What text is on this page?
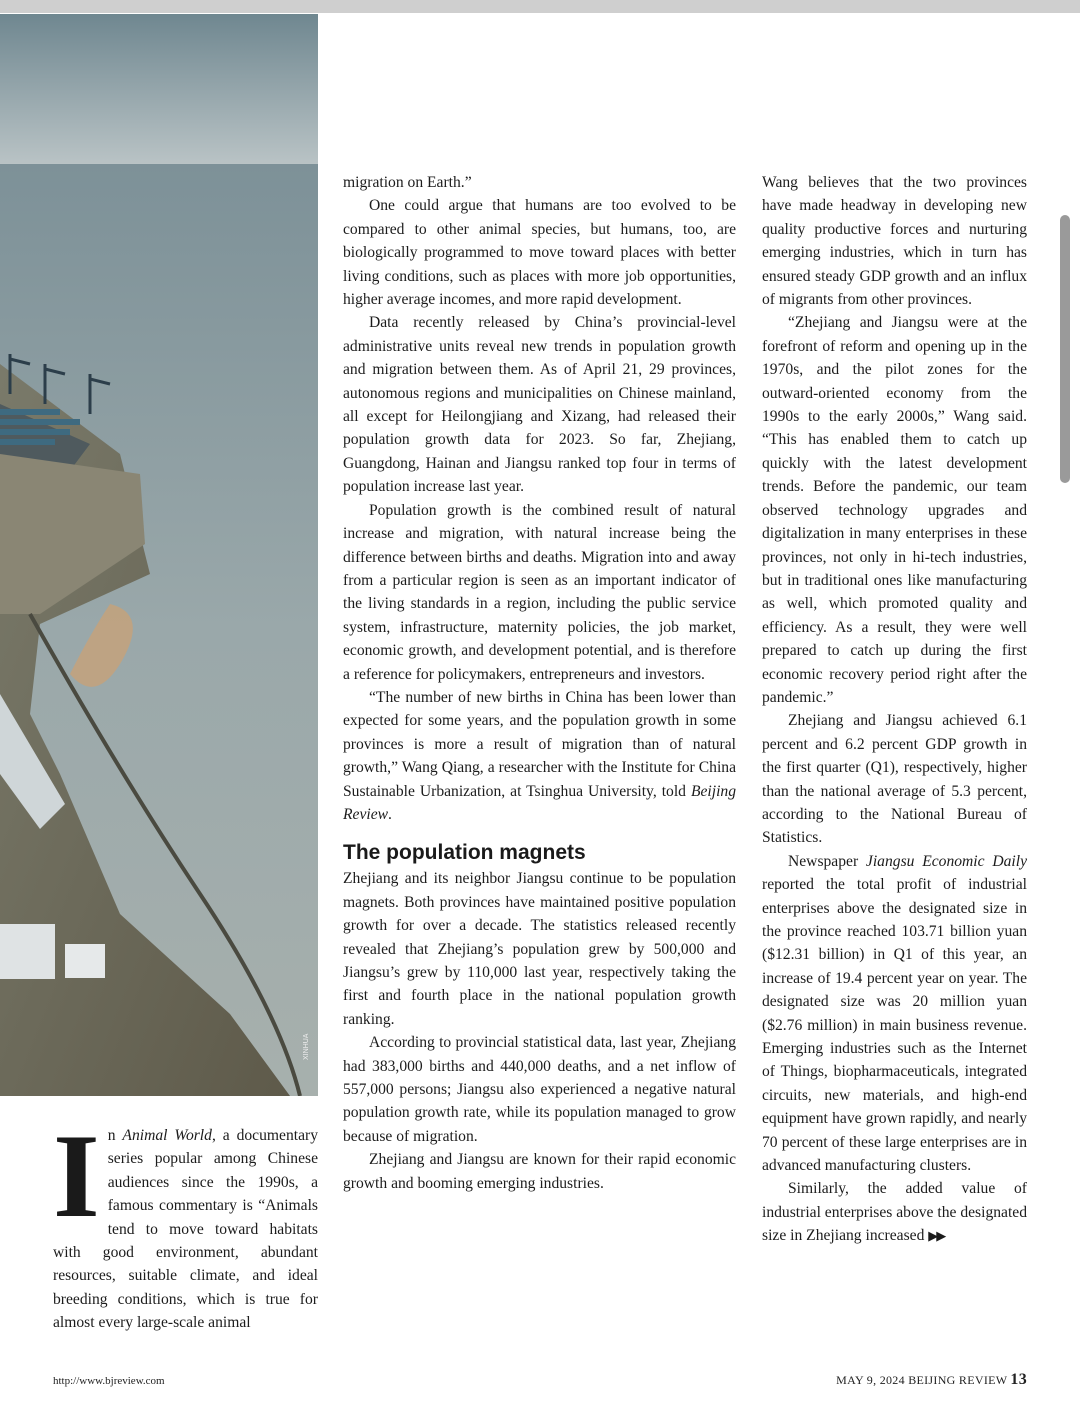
XINHUA

migration on Earth.”

One could argue that humans are too evolved to be compared to other animal species, but humans, too, are biologically programmed to move toward places with better living conditions, such as places with more job opportunities, higher average incomes, and more rapid development.

Data recently released by China’s provincial-level administrative units reveal new trends in population growth and migration between them. As of April 21, 29 provinces, autonomous regions and municipalities on Chinese mainland, all except for Heilongjiang and Xizang, had released their population growth data for 2023. So far, Zhejiang, Guangdong, Hainan and Jiangsu ranked top four in terms of population increase last year.

Population growth is the combined result of natural increase and migration, with natural increase being the difference between births and deaths. Migration into and away from a particular region is seen as an important indicator of the living standards in a region, including the public service system, infrastructure, maternity policies, the job market, economic growth, and development potential, and is therefore a reference for policymakers, entrepreneurs and investors.

“The number of new births in China has been lower than expected for some years, and the population growth in some provinces is more a result of migration than of natural growth,” Wang Qiang, a researcher with the Institute for China Sustainable Urbanization, at Tsinghua University, told Beijing Review.

The population magnets

Zhejiang and its neighbor Jiangsu continue to be population magnets. Both provinces have maintained positive population growth for over a decade. The statistics released recently revealed that Zhejiang’s population grew by 500,000 and Jiangsu’s grew by 110,000 last year, respectively taking the first and fourth place in the national population growth ranking.

According to provincial statistical data, last year, Zhejiang had 383,000 births and 440,000 deaths, and a net inflow of 557,000 persons; Jiangsu also experienced a negative natural population growth rate, while its population managed to grow because of migration.

Zhejiang and Jiangsu are known for their rapid economic growth and booming emerging industries.

Wang believes that the two provinces have made headway in developing new quality productive forces and nurturing emerging industries, which in turn has ensured steady GDP growth and an influx of migrants from other provinces.

“Zhejiang and Jiangsu were at the forefront of reform and opening up in the 1970s, and the pilot zones for the outward-oriented economy from the 1990s to the early 2000s,” Wang said. “This has enabled them to catch up quickly with the latest development trends. Before the pandemic, our team observed technology upgrades and digitalization in many enterprises in these provinces, not only in hi-tech industries, but in traditional ones like manufacturing as well, which promoted quality and efficiency. As a result, they were well prepared to catch up during the first economic recovery period right after the pandemic.”

Zhejiang and Jiangsu achieved 6.1 percent and 6.2 percent GDP growth in the first quarter (Q1), respectively, higher than the national average of 5.3 percent, according to the National Bureau of Statistics.

Newspaper Jiangsu Economic Daily reported the total profit of industrial enterprises above the designated size in the province reached 103.71 billion yuan ($12.31 billion) in Q1 of this year, an increase of 19.4 percent year on year. The designated size was 20 million yuan ($2.76 million) in main business revenue. Emerging industries such as the Internet of Things, biopharmaceuticals, integrated circuits, new materials, and high-end equipment have grown rapidly, and nearly 70 percent of these large enterprises are in advanced manufacturing clusters.

Similarly, the added value of industrial enterprises above the designated size in Zhejiang increased ▶▶

I n Animal World, a documentary series popular among Chinese audiences since the 1990s, a famous commentary is “Animals tend to move toward habitats with good environment, abundant resources, suitable climate, and ideal breeding conditions, which is true for almost every large-scale animal
http://www.bjreview.com	MAY 9, 2024 BEIJING REVIEW 13
